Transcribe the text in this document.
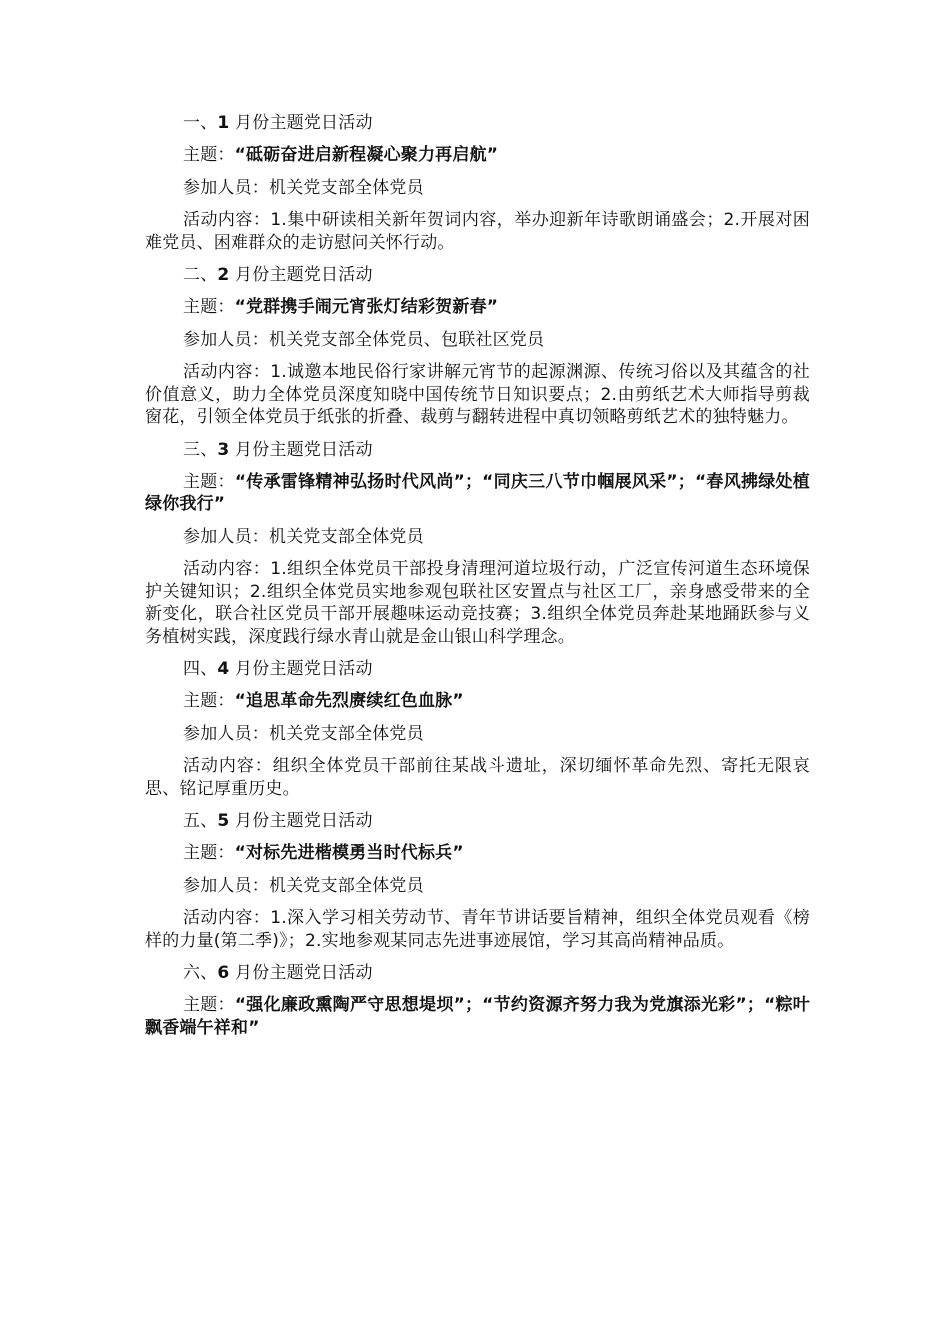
一、1 月份主题党日活动

主题：“砥砺奋进启新程凝心聚力再启航”

参加人员：机关党支部全体党员

活动内容：1.集中研读相关新年贺词内容，举办迎新年诗歌朗诵盛会；2.开展对困难党员、困难群众的走访慰问关怀行动。

二、2 月份主题党日活动

主题：“党群携手闹元宵张灯结彩贺新春”

参加人员：机关党支部全体党员、包联社区党员

活动内容：1.诚邀本地民俗行家讲解元宵节的起源渊源、传统习俗以及其蕴含的社价值意义，助力全体党员深度知晓中国传统节日知识要点；2.由剪纸艺术大师指导剪裁窗花，引领全体党员于纸张的折叠、裁剪与翻转进程中真切领略剪纸艺术的独特魅力。

三、3 月份主题党日活动

主题：“传承雷锋精神弘扬时代风尚”；“同庆三八节巾帼展风采”；“春风拂绿处植绿你我行”

参加人员：机关党支部全体党员

活动内容：1.组织全体党员干部投身清理河道垃圾行动，广泛宣传河道生态环境保护关键知识；2.组织全体党员实地参观包联社区安置点与社区工厂，亲身感受带来的全新变化，联合社区党员干部开展趣味运动竞技赛；3.组织全体党员奔赴某地踊跃参与义务植树实践，深度践行绿水青山就是金山银山科学理念。

四、4 月份主题党日活动

主题：“追思革命先烈赓续红色血脉”

参加人员：机关党支部全体党员

活动内容：组织全体党员干部前往某战斗遗址，深切缅怀革命先烈、寄托无限哀思、铭记厚重历史。

五、5 月份主题党日活动

主题：“对标先进楷模勇当时代标兵”

参加人员：机关党支部全体党员

活动内容：1.深入学习相关劳动节、青年节讲话要旨精神，组织全体党员观看《榜样的力量(第二季)》；2.实地参观某同志先进事迹展馆，学习其高尚精神品质。

六、6 月份主题党日活动

主题：“强化廉政熏陶严守思想堤坝”；“节约资源齐努力我为党旗添光彩”；“粽叶飘香端午祥和”
